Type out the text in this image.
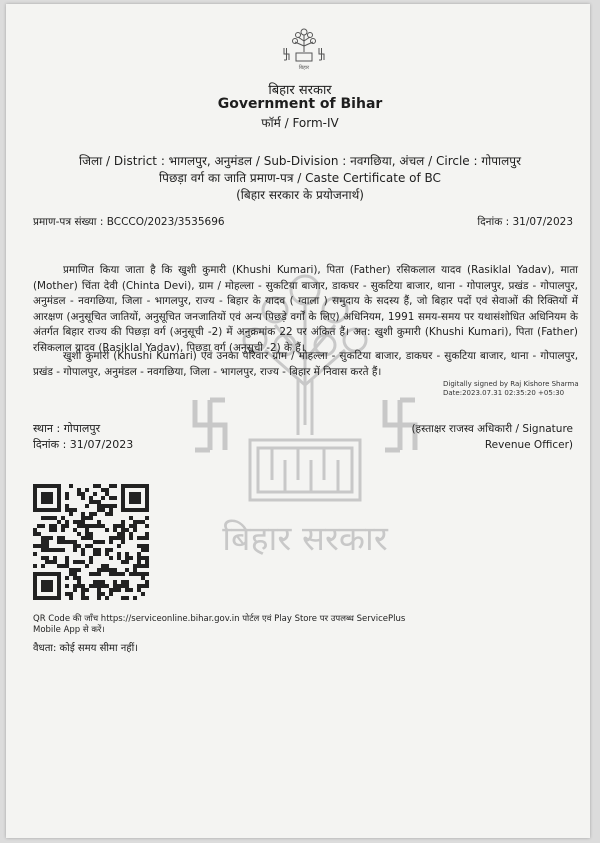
बिहार सरकार
बिहार
बिहार सरकार
Government of Bihar
फॉर्म / Form-IV
जिला / District : भागलपुर, अनुमंडल / Sub-Division : नवगछिया, अंचल / Circle : गोपालपुर
पिछड़ा वर्ग का जाति प्रमाण-पत्र / Caste Certificate of BC
(बिहार सरकार के प्रयोजनार्थ)
प्रमाण-पत्र संख्या : BCCCO/2023/3535696	दिनांक : 31/07/2023
प्रमाणित किया जाता है कि खुशी कुमारी (Khushi Kumari), पिता (Father) रसिकलाल यादव (Rasiklal Yadav), माता (Mother) चिंता देवी (Chinta Devi), ग्राम / मोहल्ला - सुकटिया बाजार, डाकघर - सुकटिया बाजार, थाना - गोपालपुर, प्रखंड - गोपालपुर, अनुमंडल - नवगछिया, जिला - भागलपुर, राज्य - बिहार के यादव ( ग्वाला ) समुदाय के सदस्य हैं, जो बिहार पदों एवं सेवाओं की रिक्तियों में आरक्षण (अनुसूचित जातियों, अनुसूचित जनजातियों एवं अन्य पिछड़े वर्गों के लिए) अधिनियम, 1991 समय-समय पर यथासंशोधित अधिनियम के अंतर्गत बिहार राज्य की पिछड़ा वर्ग (अनुसूची -2) में अनुक्रमांक 22 पर अंकित हैं। अत: खुशी कुमारी (Khushi Kumari), पिता (Father) रसिकलाल यादव (Rasiklal Yadav), पिछड़ा वर्ग (अनुसूची -2) के हैं।
खुशी कुमारी (Khushi Kumari) एवं उनका परिवार ग्राम / मोहल्ला - सुकटिया बाजार, डाकघर - सुकटिया बाजार, थाना - गोपालपुर, प्रखंड - गोपालपुर, अनुमंडल - नवगछिया, जिला - भागलपुर, राज्य - बिहार में निवास करते हैं।
Digitally signed by Raj Kishore Sharma
Date:2023.07.31 02:35:20 +05:30
स्थान : गोपालपुर
दिनांक : 31/07/2023
(हस्ताक्षर राजस्व अधिकारी / Signature
Revenue Officer)
QR Code की जाँच https://serviceonline.bihar.gov.in पोर्टल एवं Play Store पर उपलब्ध ServicePlus
Mobile App से करें।
वैधता: कोई समय सीमा नहीं।
